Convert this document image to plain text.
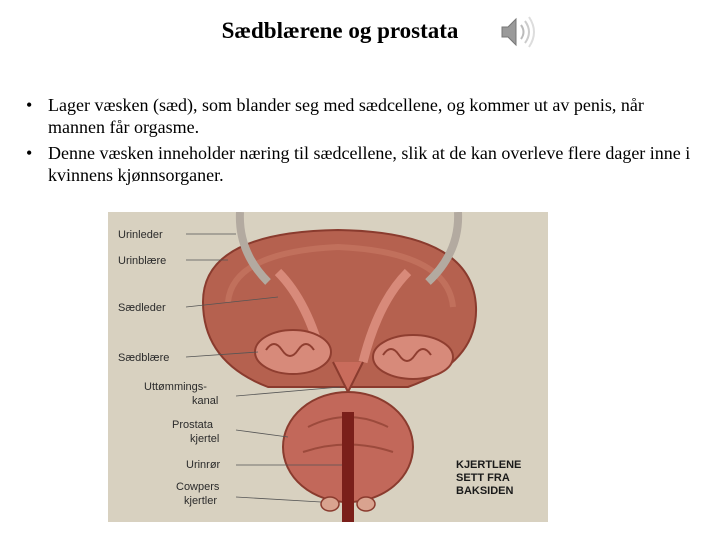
Sædblærene og prostata
• Lager væsken (sæd), som blander seg med sædcellene, og kommer ut av penis, når mannen får orgasme.
• Denne væsken inneholder næring til sædcellene, slik at de kan overleve flere dager inne i kvinnens kjønnsorganer.
Urinleder
Urinblære
Sædleder
Sædblære
Uttømmings-
kanal
Prostata
kjertel
Urinrør
Cowpers
kjertler
KJERTLENE
SETT FRA
BAKSIDEN
